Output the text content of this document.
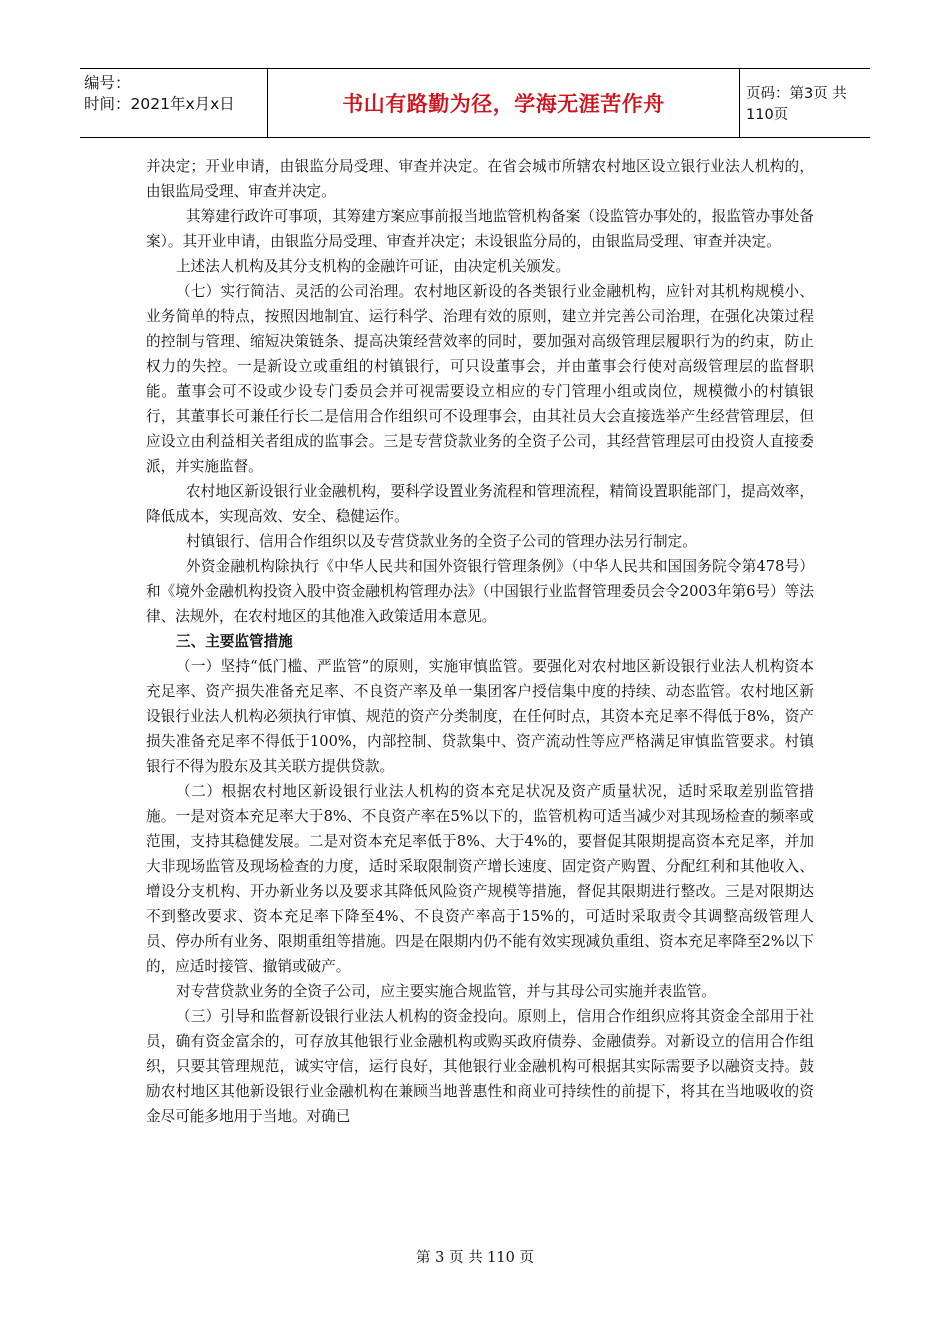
编号：
时间：2021年x月x日	书山有路勤为径，学海无涯苦作舟	页码：第3页 共110页

并决定；开业申请，由银监分局受理、审查并决定。在省会城市所辖农村地区设立银行业法人机构的，由银监局受理、审查并决定。

其筹建行政许可事项，其筹建方案应事前报当地监管机构备案（设监管办事处的，报监管办事处备案）。其开业申请，由银监分局受理、审查并决定；未设银监分局的，由银监局受理、审查并决定。

上述法人机构及其分支机构的金融许可证，由决定机关颁发。

（七）实行简洁、灵活的公司治理。农村地区新设的各类银行业金融机构，应针对其机构规模小、业务简单的特点，按照因地制宜、运行科学、治理有效的原则，建立并完善公司治理，在强化决策过程的控制与管理、缩短决策链条、提高决策经营效率的同时，要加强对高级管理层履职行为的约束，防止权力的失控。一是新设立或重组的村镇银行，可只设董事会，并由董事会行使对高级管理层的监督职能。董事会可不设或少设专门委员会并可视需要设立相应的专门管理小组或岗位，规模微小的村镇银行，其董事长可兼任行长二是信用合作组织可不设理事会，由其社员大会直接选举产生经营管理层，但应设立由利益相关者组成的监事会。三是专营贷款业务的全资子公司，其经营管理层可由投资人直接委派，并实施监督。

农村地区新设银行业金融机构，要科学设置业务流程和管理流程，精简设置职能部门，提高效率，降低成本，实现高效、安全、稳健运作。

村镇银行、信用合作组织以及专营贷款业务的全资子公司的管理办法另行制定。

外资金融机构除执行《中华人民共和国外资银行管理条例》（中华人民共和国国务院令第478号）和《境外金融机构投资入股中资金融机构管理办法》（中国银行业监督管理委员会令2003年第6号）等法律、法规外，在农村地区的其他准入政策适用本意见。

三、主要监管措施

（一）坚持“低门槛、严监管”的原则，实施审慎监管。要强化对农村地区新设银行业法人机构资本充足率、资产损失准备充足率、不良资产率及单一集团客户授信集中度的持续、动态监管。农村地区新设银行业法人机构必须执行审慎、规范的资产分类制度，在任何时点，其资本充足率不得低于8%，资产损失准备充足率不得低于100%，内部控制、贷款集中、资产流动性等应严格满足审慎监管要求。村镇银行不得为股东及其关联方提供贷款。

（二）根据农村地区新设银行业法人机构的资本充足状况及资产质量状况，适时采取差别监管措施。一是对资本充足率大于8%、不良资产率在5%以下的，监管机构可适当减少对其现场检查的频率或范围，支持其稳健发展。二是对资本充足率低于8%、大于4%的，要督促其限期提高资本充足率，并加大非现场监管及现场检查的力度，适时采取限制资产增长速度、固定资产购置、分配红利和其他收入、增设分支机构、开办新业务以及要求其降低风险资产规模等措施，督促其限期进行整改。三是对限期达不到整改要求、资本充足率下降至4%、不良资产率高于15%的，可适时采取责令其调整高级管理人员、停办所有业务、限期重组等措施。四是在限期内仍不能有效实现减负重组、资本充足率降至2%以下的，应适时接管、撤销或破产。

对专营贷款业务的全资子公司，应主要实施合规监管，并与其母公司实施并表监管。

（三）引导和监督新设银行业法人机构的资金投向。原则上，信用合作组织应将其资金全部用于社员，确有资金富余的，可存放其他银行业金融机构或购买政府债券、金融债券。对新设立的信用合作组织，只要其管理规范，诚实守信，运行良好，其他银行业金融机构可根据其实际需要予以融资支持。鼓励农村地区其他新设银行业金融机构在兼顾当地普惠性和商业可持续性的前提下，将其在当地吸收的资金尽可能多地用于当地。对确已

第 3 页 共 110 页
